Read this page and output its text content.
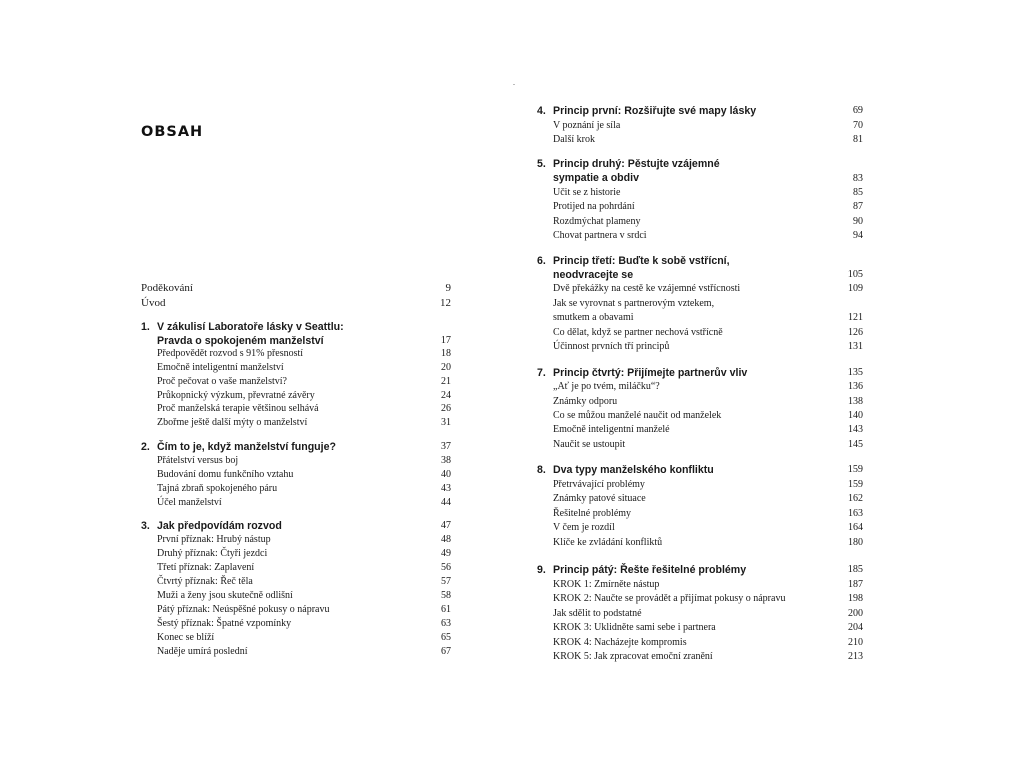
OBSAH
Poděkování	9
Úvod	12
1. V zákulisí Laboratoře lásky v Seattlu:
Pravda o spokojeném manželství	17
Předpovědět rozvod s 91% přesností	18
Emočně inteligentní manželství	20
Proč pečovat o vaše manželství?	21
Průkopnický výzkum, převratné závěry	24
Proč manželská terapie většinou selhává	26
Zbořme ještě další mýty o manželství	31
2. Čím to je, když manželství funguje?	37
Přátelství versus boj	38
Budování domu funkčního vztahu	40
Tajná zbraň spokojeného páru	43
Účel manželství	44
3. Jak předpovídám rozvod	47
První příznak: Hrubý nástup	48
Druhý příznak: Čtyři jezdci	49
Třetí příznak: Zaplavení	56
Čtvrtý příznak: Řeč těla	57
Muži a ženy jsou skutečně odlišní	58
Pátý příznak: Neúspěšné pokusy o nápravu	61
Šestý příznak: Špatné vzpomínky	63
Konec se blíží	65
Naděje umírá poslední	67
4. Princip první: Rozšiřujte své mapy lásky	69
V poznání je síla	70
Další krok	81
5. Princip druhý: Pěstujte vzájemné
sympatie a obdiv	83
Učit se z historie	85
Protijed na pohrdání	87
Rozdmýchat plameny	90
Chovat partnera v srdci	94
6. Princip třetí: Buďte k sobě vstřícní,
neodvracejte se	105
Dvě překážky na cestě ke vzájemné vstřícnosti	109
Jak se vyrovnat s partnerovým vztekem,
smutkem a obavami	121
Co dělat, když se partner nechová vstřícně	126
Účinnost prvních tří principů	131
7. Princip čtvrtý: Přijímejte partnerův vliv	135
„Ať je po tvém, miláčku“?	136
Známky odporu	138
Co se můžou manželé naučit od manželek	140
Emočně inteligentní manželé	143
Naučit se ustoupit	145
8. Dva typy manželského konfliktu	159
Přetrvávající problémy	159
Známky patové situace	162
Řešitelné problémy	163
V čem je rozdíl	164
Klíče ke zvládání konfliktů	180
9. Princip pátý: Řešte řešitelné problémy	185
KROK 1: Zmírněte nástup	187
KROK 2: Naučte se provádět a přijímat pokusy o nápravu	198
Jak sdělit to podstatné	200
KROK 3: Uklidněte sami sebe i partnera	204
KROK 4: Nacházejte kompromis	210
KROK 5: Jak zpracovat emoční zranění	213
